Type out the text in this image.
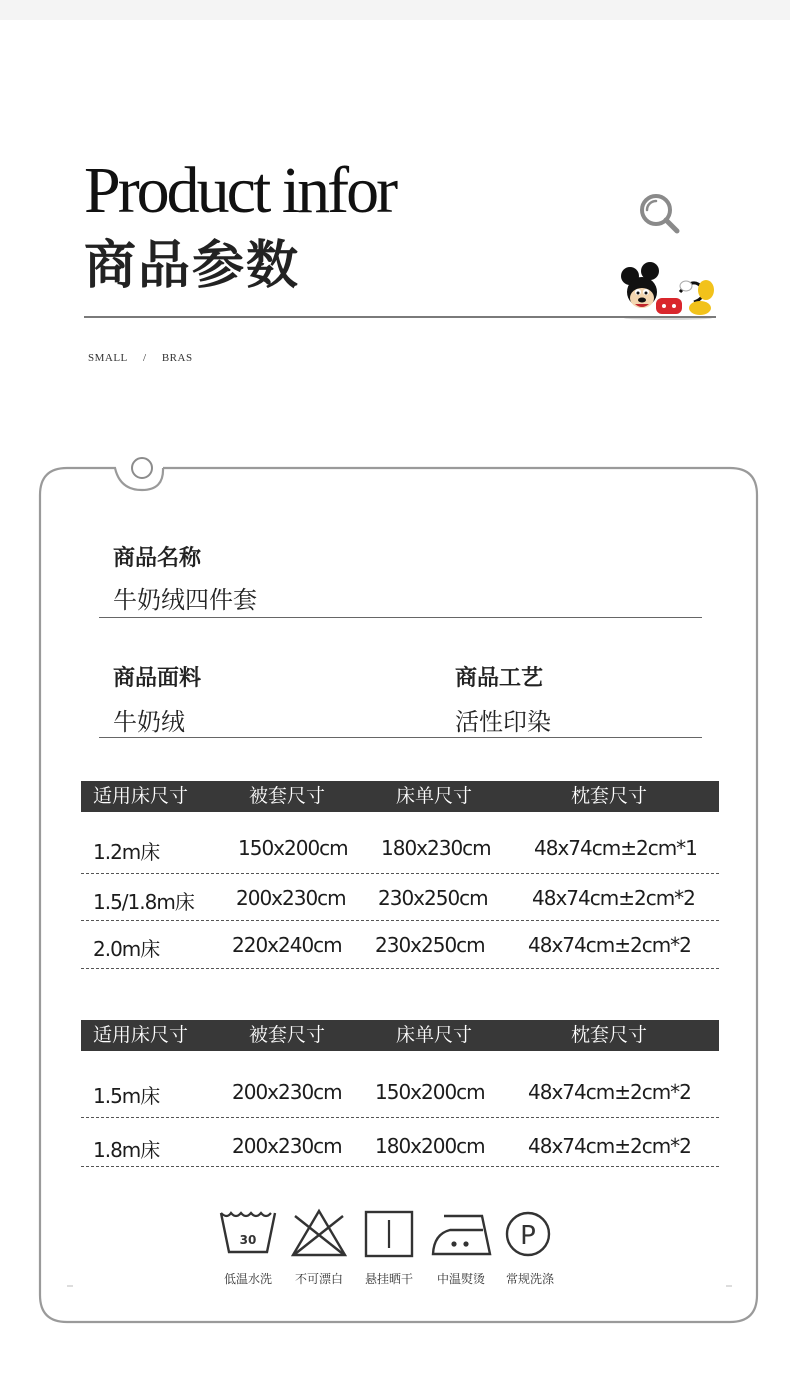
Product infor
商品参数
SMALL / BRAS
商品名称
牛奶绒四件套
商品面料
牛奶绒
商品工艺
活性印染
适用床尺寸	被套尺寸	床单尺寸	枕套尺寸
1.2m床	150x200cm 180x230cm 48x74cm±2cm*1
1.5/1.8m床 200x230cm 230x250cm 48x74cm±2cm*2
2.0m床	220x240cm 230x250cm 48x74cm±2cm*2
适用床尺寸	被套尺寸	床单尺寸	枕套尺寸
1.5m床	200x230cm 150x200cm 48x74cm±2cm*2
1.8m床	200x230cm 180x200cm 48x74cm±2cm*2
30	P
低温水洗 不可漂白 悬挂晒干 中温熨烫 常规洗涤
